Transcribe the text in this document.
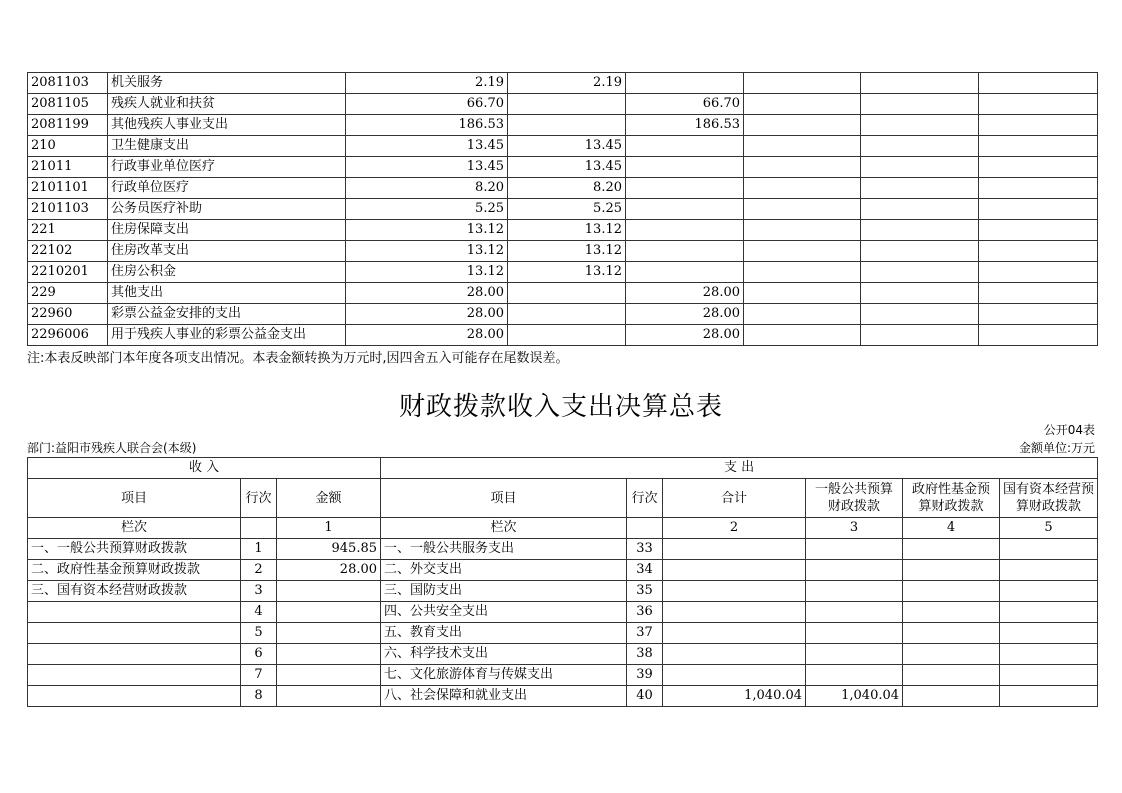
2081103	机关服务	2.19	2.19				
2081105	残疾人就业和扶贫	66.70		66.70			
2081199	其他残疾人事业支出	186.53		186.53			
210	卫生健康支出	13.45	13.45				
21011	行政事业单位医疗	13.45	13.45				
2101101	行政单位医疗	8.20	8.20				
2101103	公务员医疗补助	5.25	5.25				
221	住房保障支出	13.12	13.12				
22102	住房改革支出	13.12	13.12				
2210201	住房公积金	13.12	13.12				
229	其他支出	28.00		28.00			
22960	彩票公益金安排的支出	28.00		28.00			
2296006	用于残疾人事业的彩票公益金支出	28.00		28.00			
注:本表反映部门本年度各项支出情况。本表金额转换为万元时,因四舍五入可能存在尾数误差。
财政拨款收入支出决算总表
公开04表
部门:益阳市残疾人联合会(本级)	金额单位:万元
收 入			支 出					
项目	行次	金额	项目	行次	合计	一般公共预算财政拨款	政府性基金预算财政拨款	国有资本经营预算财政拨款
栏次		1	栏次		2	3	4	5
一、一般公共预算财政拨款	1	945.85	一、一般公共服务支出	33				
二、政府性基金预算财政拨款	2	28.00	二、外交支出	34				
三、国有资本经营财政拨款	3		三、国防支出	35				
	4		四、公共安全支出	36				
	5		五、教育支出	37				
	6		六、科学技术支出	38				
	7		七、文化旅游体育与传媒支出	39				
	8		八、社会保障和就业支出	40	1,040.04	1,040.04		
